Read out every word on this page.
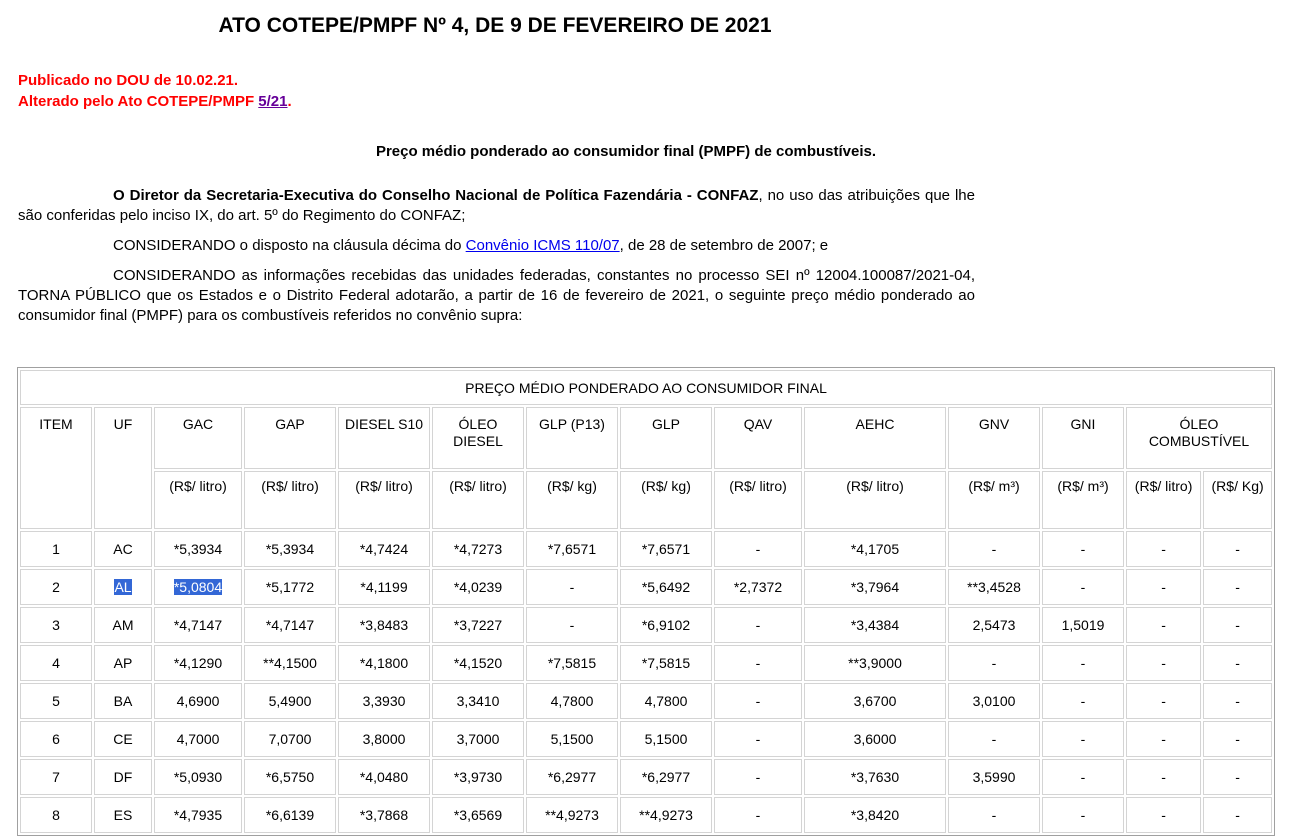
ATO COTEPE/PMPF Nº 4, DE 9 DE FEVEREIRO DE 2021
Publicado no DOU de 10.02.21.
Alterado pelo Ato COTEPE/PMPF 5/21.
Preço médio ponderado ao consumidor final (PMPF) de combustíveis.
O Diretor da Secretaria-Executiva do Conselho Nacional de Política Fazendária - CONFAZ, no uso das atribuições que lhe são conferidas pelo inciso IX, do art. 5º do Regimento do CONFAZ;
CONSIDERANDO o disposto na cláusula décima do Convênio ICMS 110/07, de 28 de setembro de 2007; e
CONSIDERANDO as informações recebidas das unidades federadas, constantes no processo SEI nº 12004.100087/2021-04, TORNA PÚBLICO que os Estados e o Distrito Federal adotarão, a partir de 16 de fevereiro de 2021, o seguinte preço médio ponderado ao consumidor final (PMPF) para os combustíveis referidos no convênio supra:
PREÇO MÉDIO PONDERADO AO CONSUMIDOR FINAL													
ITEM	UF	GAC	GAP	DIESEL S10	ÓLEO DIESEL	GLP (P13)	GLP	QAV	AEHC	GNV	GNI	ÓLEO COMBUSTÍVEL	
		(R$/ litro)	(R$/ litro)	(R$/ litro)	(R$/ litro)	(R$/ kg)	(R$/ kg)	(R$/ litro)	(R$/ litro)	(R$/ m³)	(R$/ m³)	(R$/ litro)	(R$/ Kg)
1	AC	*5,3934	*5,3934	*4,7424	*4,7273	*7,6571	*7,6571	-	*4,1705	-	-	-	-
2	AL	*5,0804	*5,1772	*4,1199	*4,0239	-	*5,6492	*2,7372	*3,7964	**3,4528	-	-	-
3	AM	*4,7147	*4,7147	*3,8483	*3,7227	-	*6,9102	-	*3,4384	2,5473	1,5019	-	-
4	AP	*4,1290	**4,1500	*4,1800	*4,1520	*7,5815	*7,5815	-	**3,9000	-	-	-	-
5	BA	4,6900	5,4900	3,3930	3,3410	4,7800	4,7800	-	3,6700	3,0100	-	-	-
6	CE	4,7000	7,0700	3,8000	3,7000	5,1500	5,1500	-	3,6000	-	-	-	-
7	DF	*5,0930	*6,5750	*4,0480	*3,9730	*6,2977	*6,2977	-	*3,7630	3,5990	-	-	-
8	ES	*4,7935	*6,6139	*3,7868	*3,6569	**4,9273	**4,9273	-	*3,8420	-	-	-	-
